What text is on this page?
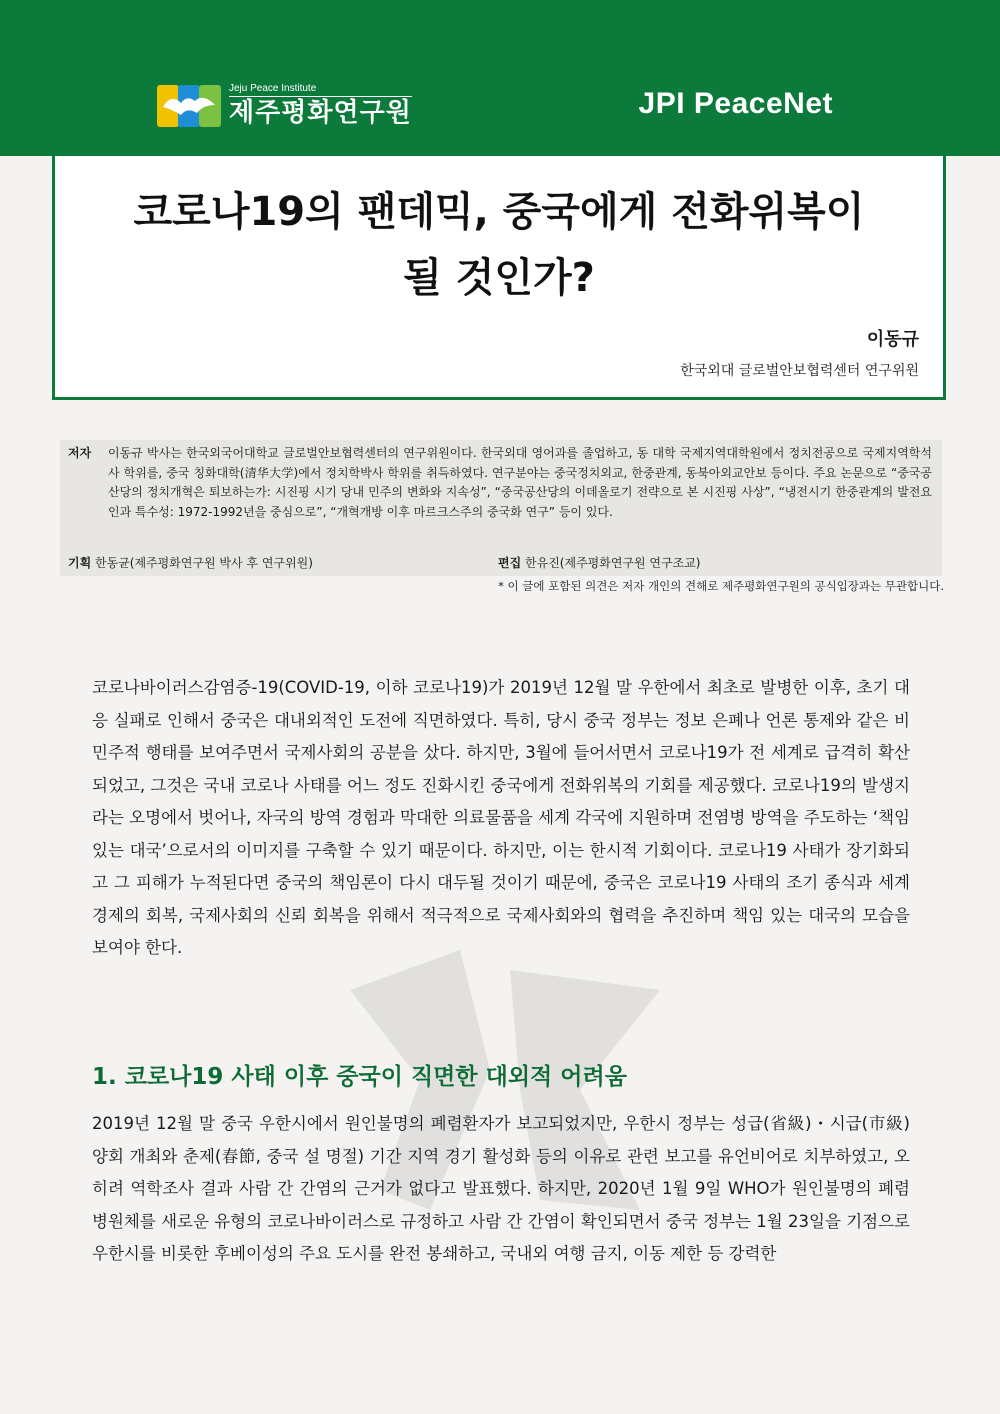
Jeju Peace Institute
제주평화연구원	JPI PeaceNet
코로나19의 팬데믹, 중국에게 전화위복이
될 것인가?
이동규
한국외대 글로벌안보협력센터 연구위원
저자	이동규 박사는 한국외국어대학교 글로벌안보협력센터의 연구위원이다. 한국외대 영어과를 졸업하고, 동 대학 국제지역대학원에서 정치전공으로 국제지역학석사 학위를, 중국 칭화대학(清华大学)에서 정치학박사 학위를 취득하였다. 연구분야는 중국정치외교, 한중관계, 동북아외교안보 등이다. 주요 논문으로 “중국공산당의 정치개혁은 퇴보하는가: 시진핑 시기 당내 민주의 변화와 지속성”, “중국공산당의 이데올로기 전략으로 본 시진핑 사상”, “냉전시기 한중관계의 발전요인과 특수성: 1972-1992년을 중심으로”, “개혁개방 이후 마르크스주의 중국화 연구” 등이 있다.
기획 한동균(제주평화연구원 박사 후 연구위원)	편집 한유진(제주평화연구원 연구조교)
* 이 글에 포함된 의견은 저자 개인의 견해로 제주평화연구원의 공식입장과는 무관합니다.
코로나바이러스감염증-19(COVID-19, 이하 코로나19)가 2019년 12월 말 우한에서 최초로 발병한 이후, 초기 대응 실패로 인해서 중국은 대내외적인 도전에 직면하였다. 특히, 당시 중국 정부는 정보 은폐나 언론 통제와 같은 비민주적 행태를 보여주면서 국제사회의 공분을 샀다. 하지만, 3월에 들어서면서 코로나19가 전 세계로 급격히 확산되었고, 그것은 국내 코로나 사태를 어느 정도 진화시킨 중국에게 전화위복의 기회를 제공했다. 코로나19의 발생지라는 오명에서 벗어나, 자국의 방역 경험과 막대한 의료물품을 세계 각국에 지원하며 전염병 방역을 주도하는 ‘책임 있는 대국’으로서의 이미지를 구축할 수 있기 때문이다. 하지만, 이는 한시적 기회이다. 코로나19 사태가 장기화되고 그 피해가 누적된다면 중국의 책임론이 다시 대두될 것이기 때문에, 중국은 코로나19 사태의 조기 종식과 세계경제의 회복, 국제사회의 신뢰 회복을 위해서 적극적으로 국제사회와의 협력을 추진하며 책임 있는 대국의 모습을 보여야 한다.
1. 코로나19 사태 이후 중국이 직면한 대외적 어려움
2019년 12월 말 중국 우한시에서 원인불명의 폐렴환자가 보고되었지만, 우한시 정부는 성급(省級)・시급(市級) 양회 개최와 춘제(春節, 중국 설 명절) 기간 지역 경기 활성화 등의 이유로 관련 보고를 유언비어로 치부하였고, 오히려 역학조사 결과 사람 간 간염의 근거가 없다고 발표했다. 하지만, 2020년 1월 9일 WHO가 원인불명의 폐렴 병원체를 새로운 유형의 코로나바이러스로 규정하고 사람 간 간염이 확인되면서 중국 정부는 1월 23일을 기점으로 우한시를 비롯한 후베이성의 주요 도시를 완전 봉쇄하고, 국내외 여행 금지, 이동 제한 등 강력한
